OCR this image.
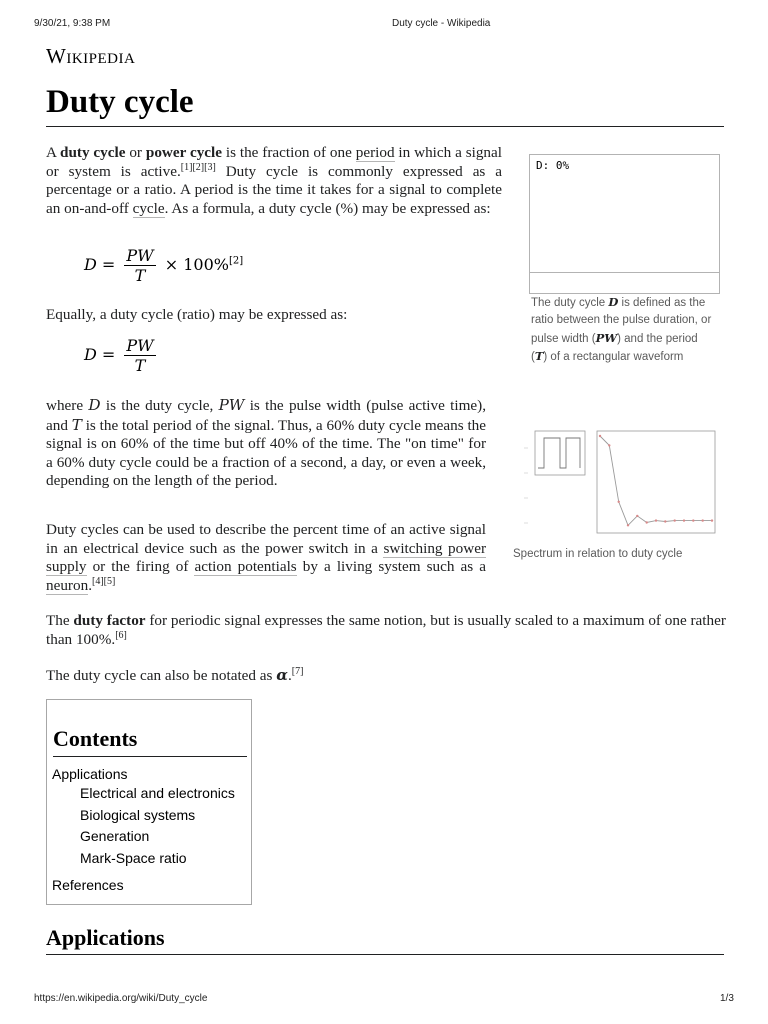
9/30/21, 9:38 PM	Duty cycle - Wikipedia
Wikipedia
Duty cycle
A duty cycle or power cycle is the fraction of one period in which a signal or system is active.[1][2][3] Duty cycle is commonly expressed as a percentage or a ratio. A period is the time it takes for a signal to complete an on-and-off cycle. As a formula, a duty cycle (%) may be expressed as:
$D = \frac{PW}{T} \times 100\%[2]$
Equally, a duty cycle (ratio) may be expressed as:
$D = \frac{PW}{T}$
where D is the duty cycle, PW is the pulse width (pulse active time), and T is the total period of the signal. Thus, a 60% duty cycle means the signal is on 60% of the time but off 40% of the time. The "on time" for a 60% duty cycle could be a fraction of a second, a day, or even a week, depending on the length of the period.
Duty cycles can be used to describe the percent time of an active signal in an electrical device such as the power switch in a switching power supply or the firing of action potentials by a living system such as a neuron.[4][5]
The duty factor for periodic signal expresses the same notion, but is usually scaled to a maximum of one rather than 100%.[6]
The duty cycle can also be notated as α.[7]
D: 0%
The duty cycle D is defined as the ratio between the pulse duration, or pulse width (PW) and the period (T) of a rectangular waveform
Spectrum in relation to duty cycle
Contents
Applications
Electrical and electronics
Biological systems
Generation
Mark-Space ratio
References
Applications
https://en.wikipedia.org/wiki/Duty_cycle	1/3
